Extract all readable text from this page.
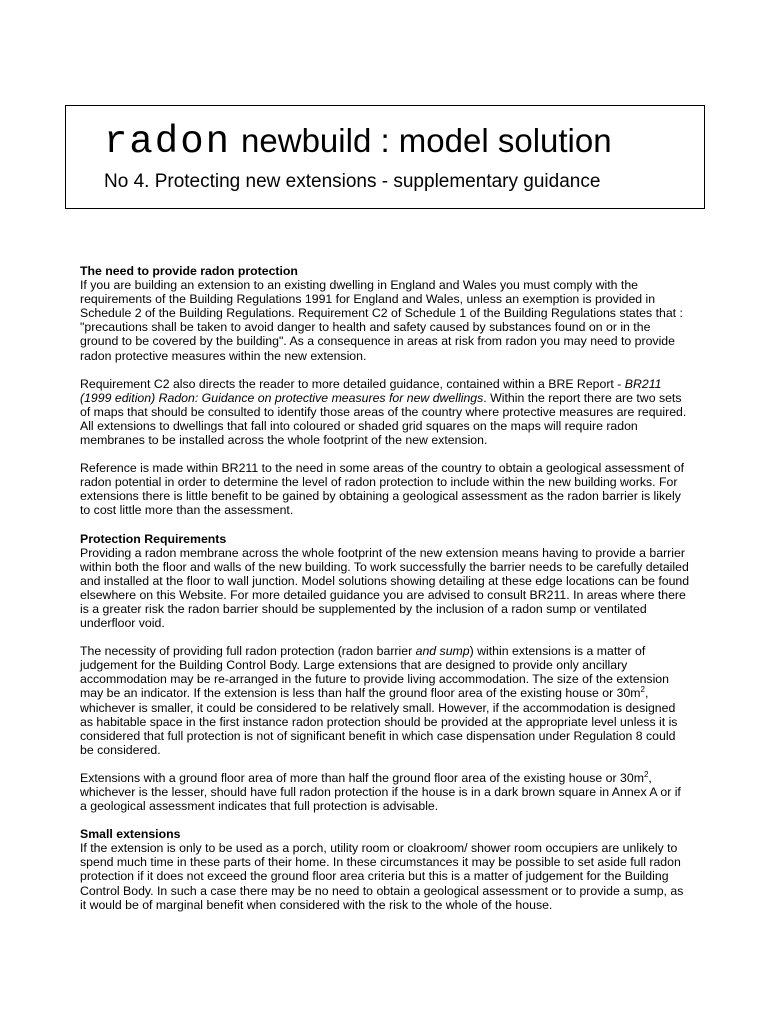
radon newbuild : model solution
No 4. Protecting new extensions - supplementary guidance
The need to provide radon protection

If you are building an extension to an existing dwelling in England and Wales you must comply with the requirements of the Building Regulations 1991 for England and Wales, unless an exemption is provided in Schedule 2 of the Building Regulations. Requirement C2 of Schedule 1 of the Building Regulations states that : "precautions shall be taken to avoid danger to health and safety caused by substances found on or in the ground to be covered by the building". As a consequence in areas at risk from radon you may need to provide radon protective measures within the new extension.

Requirement C2 also directs the reader to more detailed guidance, contained within a BRE Report - BR211 (1999 edition) Radon: Guidance on protective measures for new dwellings. Within the report there are two sets of maps that should be consulted to identify those areas of the country where protective measures are required. All extensions to dwellings that fall into coloured or shaded grid squares on the maps will require radon membranes to be installed across the whole footprint of the new extension.

Reference is made within BR211 to the need in some areas of the country to obtain a geological assessment of radon potential in order to determine the level of radon protection to include within the new building works. For extensions there is little benefit to be gained by obtaining a geological assessment as the radon barrier is likely to cost little more than the assessment.

Protection Requirements

Providing a radon membrane across the whole footprint of the new extension means having to provide a barrier within both the floor and walls of the new building. To work successfully the barrier needs to be carefully detailed and installed at the floor to wall junction. Model solutions showing detailing at these edge locations can be found elsewhere on this Website. For more detailed guidance you are advised to consult BR211. In areas where there is a greater risk the radon barrier should be supplemented by the inclusion of a radon sump or ventilated underfloor void.

The necessity of providing full radon protection (radon barrier and sump) within extensions is a matter of judgement for the Building Control Body. Large extensions that are designed to provide only ancillary accommodation may be re-arranged in the future to provide living accommodation. The size of the extension may be an indicator. If the extension is less than half the ground floor area of the existing house or $30m^2$, whichever is smaller, it could be considered to be relatively small. However, if the accommodation is designed as habitable space in the first instance radon protection should be provided at the appropriate level unless it is considered that full protection is not of significant benefit in which case dispensation under Regulation 8 could be considered.

Extensions with a ground floor area of more than half the ground floor area of the existing house or $30m^2$, whichever is the lesser, should have full radon protection if the house is in a dark brown square in Annex A or if a geological assessment indicates that full protection is advisable.

Small extensions

If the extension is only to be used as a porch, utility room or cloakroom/ shower room occupiers are unlikely to spend much time in these parts of their home. In these circumstances it may be possible to set aside full radon protection if it does not exceed the ground floor area criteria but this is a matter of judgement for the Building Control Body. In such a case there may be no need to obtain a geological assessment or to provide a sump, as it would be of marginal benefit when considered with the risk to the whole of the house.
